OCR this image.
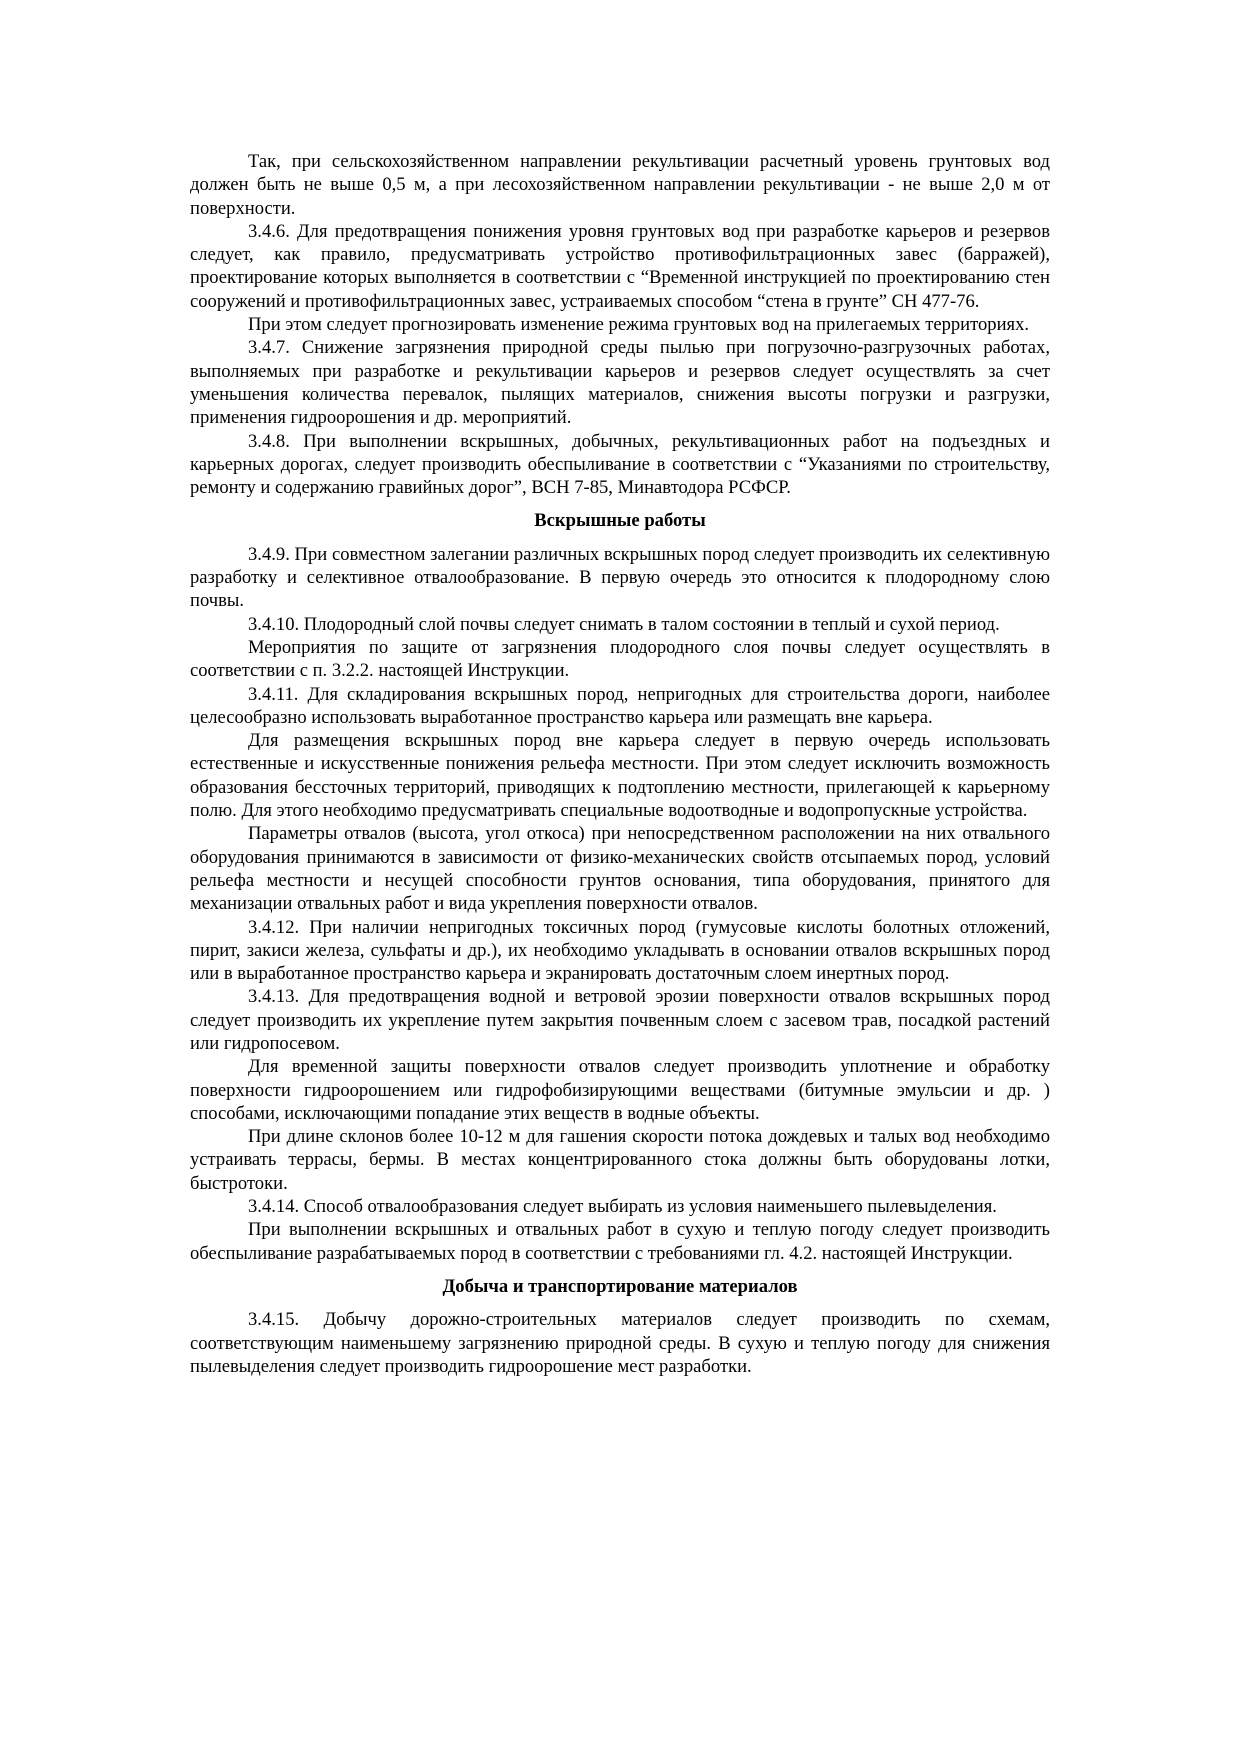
Так, при сельскохозяйственном направлении рекультивации расчетный уровень грунтовых вод должен быть не выше 0,5 м, а при лесохозяйственном направлении рекультивации - не выше 2,0 м от поверхности.

3.4.6. Для предотвращения понижения уровня грунтовых вод при разработке карьеров и резервов следует, как правило, предусматривать устройство противофильтрационных завес (барражей), проектирование которых выполняется в соответствии с “Временной инструкцией по проектированию стен сооружений и противофильтрационных завес, устраиваемых способом “стена в грунте” СН 477-76.

При этом следует прогнозировать изменение режима грунтовых вод на прилегаемых территориях.

3.4.7. Снижение загрязнения природной среды пылью при погрузочно-разгрузочных работах, выполняемых при разработке и рекультивации карьеров и резервов следует осуществлять за счет уменьшения количества перевалок, пылящих материалов, снижения высоты погрузки и разгрузки, применения гидроорошения и др. мероприятий.

3.4.8. При выполнении вскрышных, добычных, рекультивационных работ на подъездных и карьерных дорогах, следует производить обеспыливание в соответствии с “Указаниями по строительству, ремонту и содержанию гравийных дорог”, ВСН 7-85, Минавтодора РСФСР.

Вскрышные работы

3.4.9. При совместном залегании различных вскрышных пород следует производить их селективную разработку и селективное отвалообразование. В первую очередь это относится к плодородному слою почвы.

3.4.10. Плодородный слой почвы следует снимать в талом состоянии в теплый и сухой период.

Мероприятия по защите от загрязнения плодородного слоя почвы следует осуществлять в соответствии с п. 3.2.2. настоящей Инструкции.

3.4.11. Для складирования вскрышных пород, непригодных для строительства дороги, наиболее целесообразно использовать выработанное пространство карьера или размещать вне карьера.

Для размещения вскрышных пород вне карьера следует в первую очередь использовать естественные и искусственные понижения рельефа местности. При этом следует исключить возможность образования бессточных территорий, приводящих к подтоплению местности, прилегающей к карьерному полю. Для этого необходимо предусматривать специальные водоотводные и водопропускные устройства.

Параметры отвалов (высота, угол откоса) при непосредственном расположении на них отвального оборудования принимаются в зависимости от физико-механических свойств отсыпаемых пород, условий рельефа местности и несущей способности грунтов основания, типа оборудования, принятого для механизации отвальных работ и вида укрепления поверхности отвалов.

3.4.12. При наличии непригодных токсичных пород (гумусовые кислоты болотных отложений, пирит, закиси железа, сульфаты и др.), их необходимо укладывать в основании отвалов вскрышных пород или в выработанное пространство карьера и экранировать достаточным слоем инертных пород.

3.4.13. Для предотвращения водной и ветровой эрозии поверхности отвалов вскрышных пород следует производить их укрепление путем закрытия почвенным слоем с засевом трав, посадкой растений или гидропосевом.

Для временной защиты поверхности отвалов следует производить уплотнение и обработку поверхности гидроорошением или гидрофобизирующими веществами (битумные эмульсии и др. ) способами, исключающими попадание этих веществ в водные объекты.

При длине склонов более 10-12 м для гашения скорости потока дождевых и талых вод необходимо устраивать террасы, бермы. В местах концентрированного стока должны быть оборудованы лотки, быстротоки.

3.4.14. Способ отвалообразования следует выбирать из условия наименьшего пылевыделения.

При выполнении вскрышных и отвальных работ в сухую и теплую погоду следует производить обеспыливание разрабатываемых пород в соответствии с требованиями гл. 4.2. настоящей Инструкции.

Добыча и транспортирование материалов

3.4.15. Добычу дорожно-строительных материалов следует производить по схемам, соответствующим наименьшему загрязнению природной среды. В сухую и теплую погоду для снижения пылевыделения следует производить гидроорошение мест разработки.
